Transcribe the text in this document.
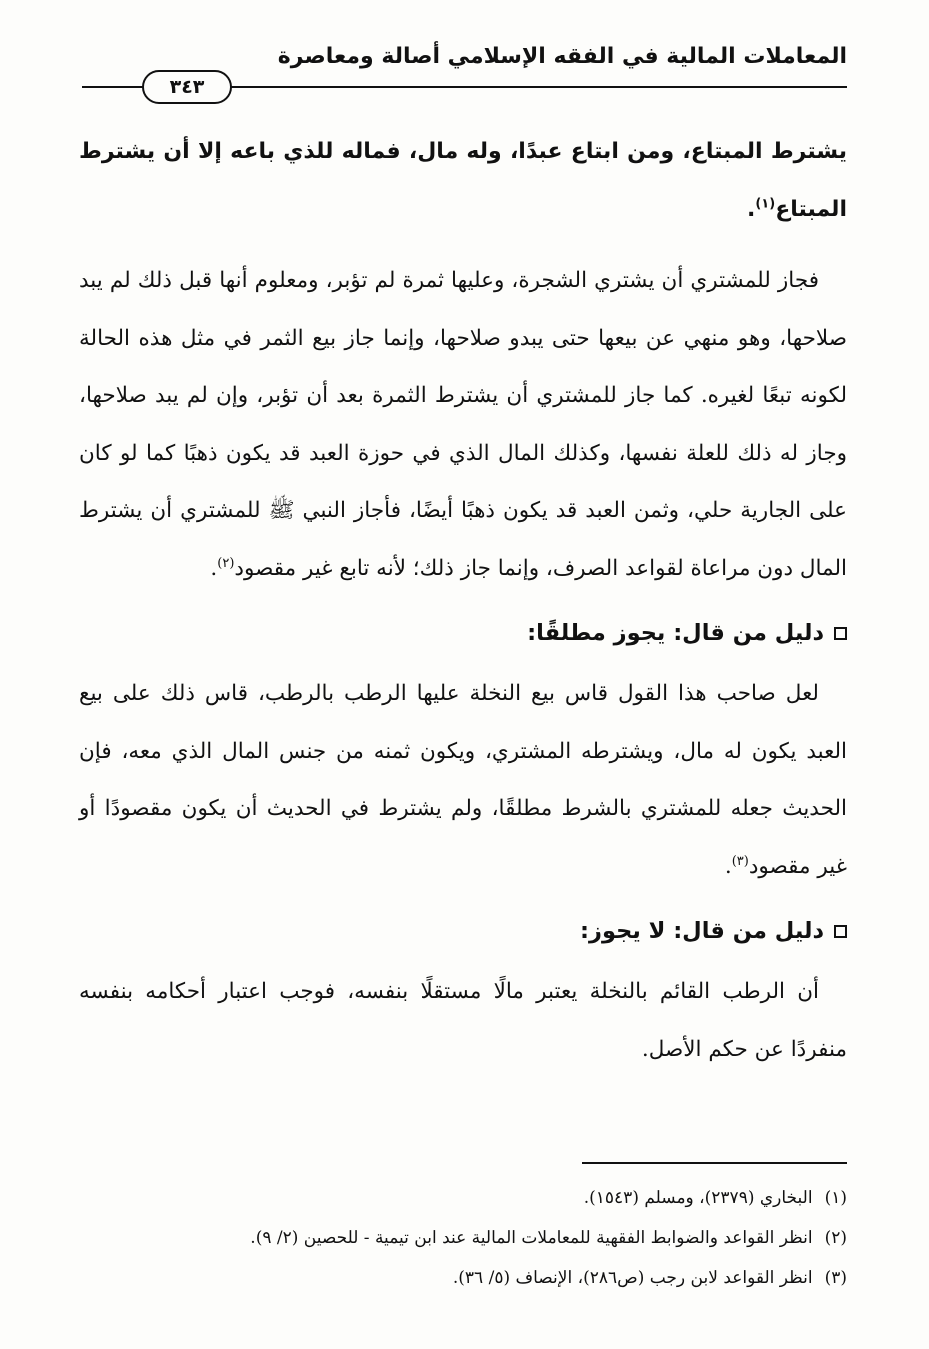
المعاملات المالية في الفقه الإسلامي أصالة ومعاصرة
٣٤٣

يشترط المبتاع، ومن ابتاع عبدًا، وله مال، فماله للذي باعه إلا أن يشترط المبتاع$^{(١)}$.

فجاز للمشتري أن يشتري الشجرة، وعليها ثمرة لم تؤبر، ومعلوم أنها قبل ذلك لم يبد صلاحها، وهو منهي عن بيعها حتى يبدو صلاحها، وإنما جاز بيع الثمر في مثل هذه الحالة لكونه تبعًا لغيره. كما جاز للمشتري أن يشترط الثمرة بعد أن تؤبر، وإن لم يبد صلاحها، وجاز له ذلك للعلة نفسها، وكذلك المال الذي في حوزة العبد قد يكون ذهبًا كما لو كان على الجارية حلي، وثمن العبد قد يكون ذهبًا أيضًا، فأجاز النبي ﷺ للمشتري أن يشترط المال دون مراعاة لقواعد الصرف، وإنما جاز ذلك؛ لأنه تابع غير مقصود$^{(٢)}$.

دليل من قال: يجوز مطلقًا:

لعل صاحب هذا القول قاس بيع النخلة عليها الرطب بالرطب، قاس ذلك على بيع العبد يكون له مال، ويشترطه المشتري، ويكون ثمنه من جنس المال الذي معه، فإن الحديث جعله للمشتري بالشرط مطلقًا، ولم يشترط في الحديث أن يكون مقصودًا أو غير مقصود$^{(٣)}$.

دليل من قال: لا يجوز:

أن الرطب القائم بالنخلة يعتبر مالًا مستقلًا بنفسه، فوجب اعتبار أحكامه بنفسه منفردًا عن حكم الأصل.

(١)
البخاري (٢٣٧٩)، ومسلم (١٥٤٣).
(٢)
انظر القواعد والضوابط الفقهية للمعاملات المالية عند ابن تيمية - للحصين (٢/ ٩).
(٣)
انظر القواعد لابن رجب (ص٢٨٦)، الإنصاف (٥/ ٣٦).
